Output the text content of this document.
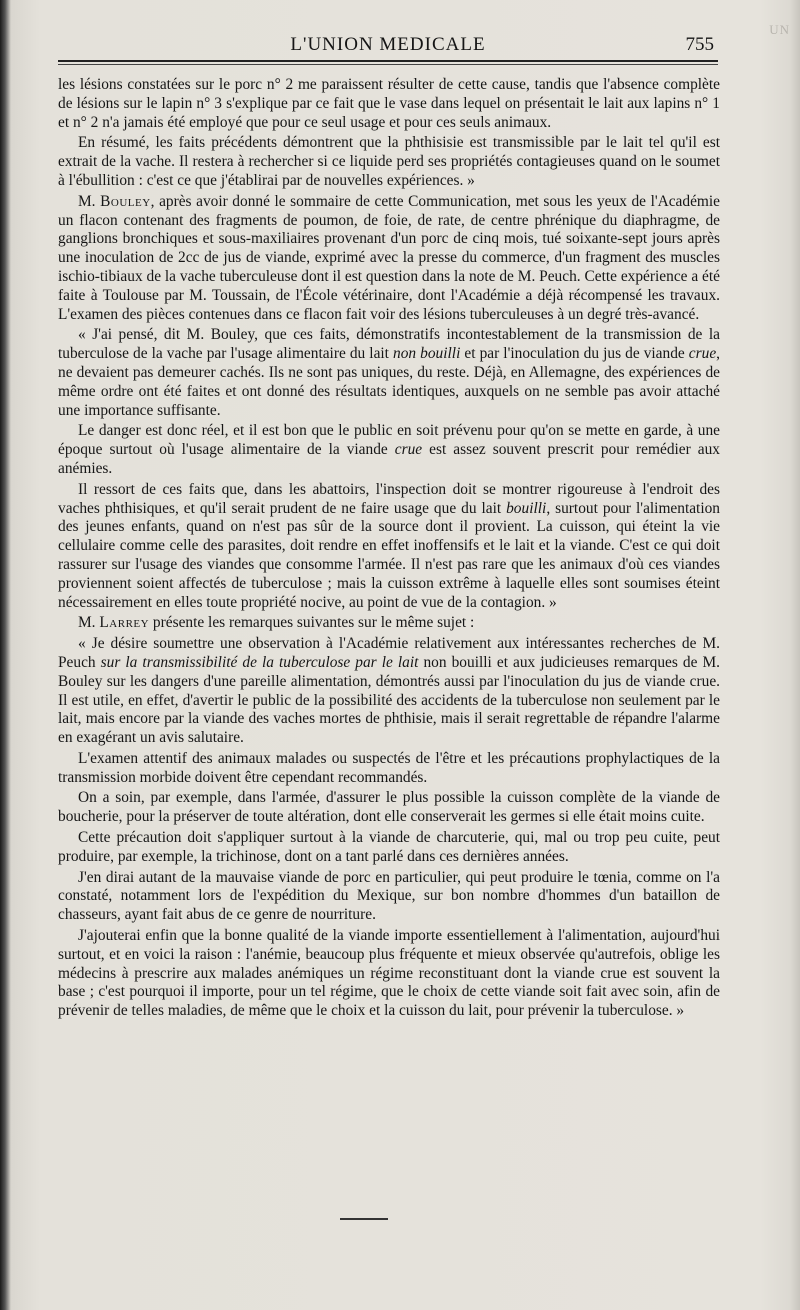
UN
L'UNION MEDICALE	755

les lésions constatées sur le porc n° 2 me paraissent résulter de cette cause, tandis que l'absence complète de lésions sur le lapin n° 3 s'explique par ce fait que le vase dans lequel on présentait le lait aux lapins n° 1 et n° 2 n'a jamais été employé que pour ce seul usage et pour ces seuls animaux.

En résumé, les faits précédents démontrent que la phthisisie est transmissible par le lait tel qu'il est extrait de la vache. Il restera à rechercher si ce liquide perd ses propriétés contagieuses quand on le soumet à l'ébullition : c'est ce que j'établirai par de nouvelles expériences. »

M. Bouley, après avoir donné le sommaire de cette Communication, met sous les yeux de l'Académie un flacon contenant des fragments de poumon, de foie, de rate, de centre phrénique du diaphragme, de ganglions bronchiques et sous-maxiliaires provenant d'un porc de cinq mois, tué soixante-sept jours après une inoculation de 2cc de jus de viande, exprimé avec la presse du commerce, d'un fragment des muscles ischio-tibiaux de la vache tuberculeuse dont il est question dans la note de M. Peuch. Cette expérience a été faite à Toulouse par M. Toussain, de l'École vétérinaire, dont l'Académie a déjà récompensé les travaux. L'examen des pièces contenues dans ce flacon fait voir des lésions tuberculeuses à un degré très-avancé.

« J'ai pensé, dit M. Bouley, que ces faits, démonstratifs incontestablement de la transmission de la tuberculose de la vache par l'usage alimentaire du lait non bouilli et par l'inoculation du jus de viande crue, ne devaient pas demeurer cachés. Ils ne sont pas uniques, du reste. Déjà, en Allemagne, des expériences de même ordre ont été faites et ont donné des résultats identiques, auxquels on ne semble pas avoir attaché une importance suffisante.

Le danger est donc réel, et il est bon que le public en soit prévenu pour qu'on se mette en garde, à une époque surtout où l'usage alimentaire de la viande crue est assez souvent prescrit pour remédier aux anémies.

Il ressort de ces faits que, dans les abattoirs, l'inspection doit se montrer rigoureuse à l'endroit des vaches phthisiques, et qu'il serait prudent de ne faire usage que du lait bouilli, surtout pour l'alimentation des jeunes enfants, quand on n'est pas sûr de la source dont il provient. La cuisson, qui éteint la vie cellulaire comme celle des parasites, doit rendre en effet inoffensifs et le lait et la viande. C'est ce qui doit rassurer sur l'usage des viandes que consomme l'armée. Il n'est pas rare que les animaux d'où ces viandes proviennent soient affectés de tuberculose ; mais la cuisson extrême à laquelle elles sont soumises éteint nécessairement en elles toute propriété nocive, au point de vue de la contagion. »

M. Larrey présente les remarques suivantes sur le même sujet :

« Je désire soumettre une observation à l'Académie relativement aux intéressantes recherches de M. Peuch sur la transmissibilité de la tuberculose par le lait non bouilli et aux judicieuses remarques de M. Bouley sur les dangers d'une pareille alimentation, démontrés aussi par l'inoculation du jus de viande crue. Il est utile, en effet, d'avertir le public de la possibilité des accidents de la tuberculose non seulement par le lait, mais encore par la viande des vaches mortes de phthisie, mais il serait regrettable de répandre l'alarme en exagérant un avis salutaire.

L'examen attentif des animaux malades ou suspectés de l'être et les précautions prophylactiques de la transmission morbide doivent être cependant recommandés.

On a soin, par exemple, dans l'armée, d'assurer le plus possible la cuisson complète de la viande de boucherie, pour la préserver de toute altération, dont elle conserverait les germes si elle était moins cuite.

Cette précaution doit s'appliquer surtout à la viande de charcuterie, qui, mal ou trop peu cuite, peut produire, par exemple, la trichinose, dont on a tant parlé dans ces dernières années.

J'en dirai autant de la mauvaise viande de porc en particulier, qui peut produire le tœnia, comme on l'a constaté, notamment lors de l'expédition du Mexique, sur bon nombre d'hommes d'un bataillon de chasseurs, ayant fait abus de ce genre de nourriture.

J'ajouterai enfin que la bonne qualité de la viande importe essentiellement à l'alimentation, aujourd'hui surtout, et en voici la raison : l'anémie, beaucoup plus fréquente et mieux observée qu'autrefois, oblige les médecins à prescrire aux malades anémiques un régime reconstituant dont la viande crue est souvent la base ; c'est pourquoi il importe, pour un tel régime, que le choix de cette viande soit fait avec soin, afin de prévenir de telles maladies, de même que le choix et la cuisson du lait, pour prévenir la tuberculose. »
